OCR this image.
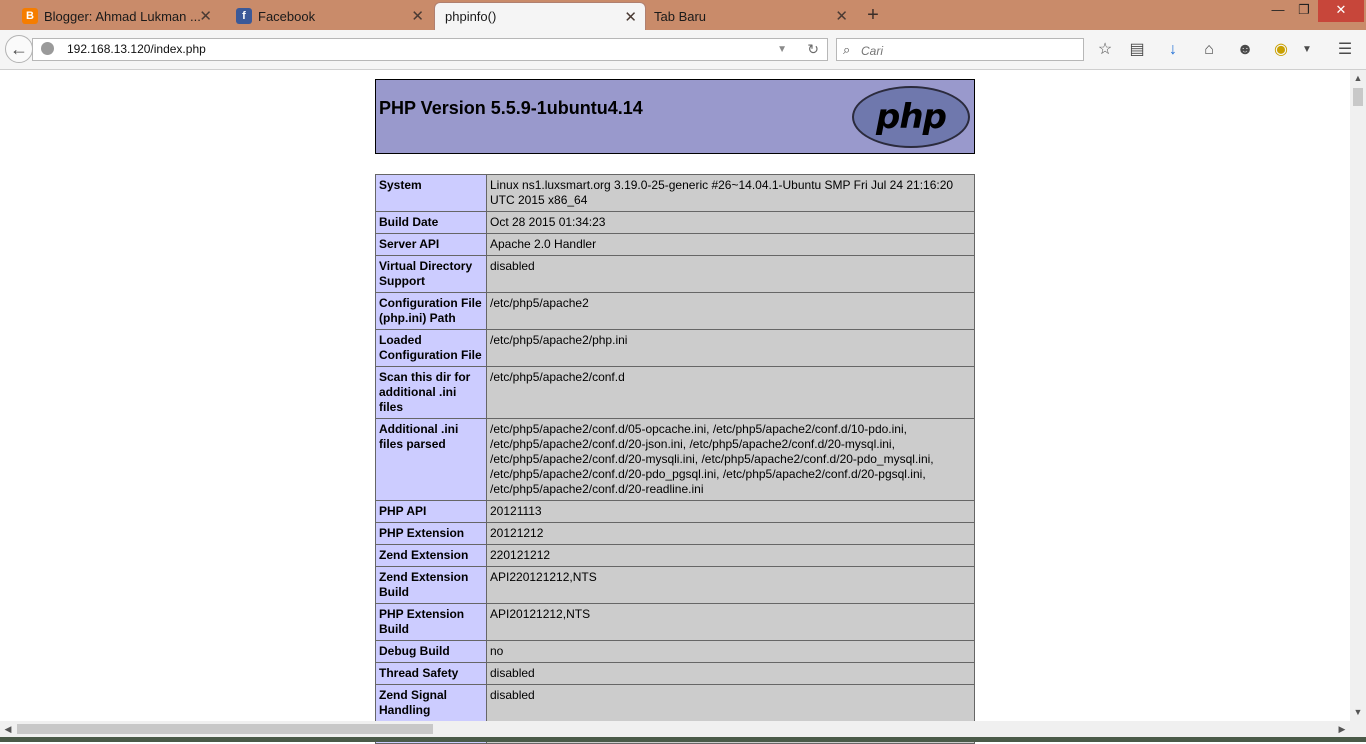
B Blogger: Ahmad Lukman ...
✕	f Facebook	✕ phpinfo()	✕ Tab Baru	✕ +	—	❐	✕
192.168.13.120/index.php	▼ ↻
←	⌕
Cari	☆ ▤	↓	⌂	☻ ◉	▼	☰
PHP Version 5.5.9-1ubuntu4.14	php
System	Linux ns1.luxsmart.org 3.19.0-25-generic #26~14.04.1-Ubuntu SMP Fri Jul 24 21:16:20 UTC 2015 x86_64
Build Date	Oct 28 2015 01:34:23
Server API	Apache 2.0 Handler
Virtual Directory Support	disabled
Configuration File (php.ini) Path	/etc/php5/apache2
Loaded Configuration File	/etc/php5/apache2/php.ini
Scan this dir for additional .ini files	/etc/php5/apache2/conf.d
Additional .ini files parsed	/etc/php5/apache2/conf.d/05-opcache.ini, /etc/php5/apache2/conf.d/10-pdo.ini, /etc/php5/apache2/conf.d/20-json.ini, /etc/php5/apache2/conf.d/20-mysql.ini, /etc/php5/apache2/conf.d/20-mysqli.ini, /etc/php5/apache2/conf.d/20-pdo_mysql.ini, /etc/php5/apache2/conf.d/20-pdo_pgsql.ini, /etc/php5/apache2/conf.d/20-pgsql.ini, /etc/php5/apache2/conf.d/20-readline.ini
PHP API	20121113
PHP Extension	20121212
Zend Extension	220121212
Zend Extension Build	API220121212,NTS
PHP Extension Build	API20121212,NTS
Debug Build	no
Thread Safety	disabled
Zend Signal Handling	disabled

▲
▼
◀	▶
